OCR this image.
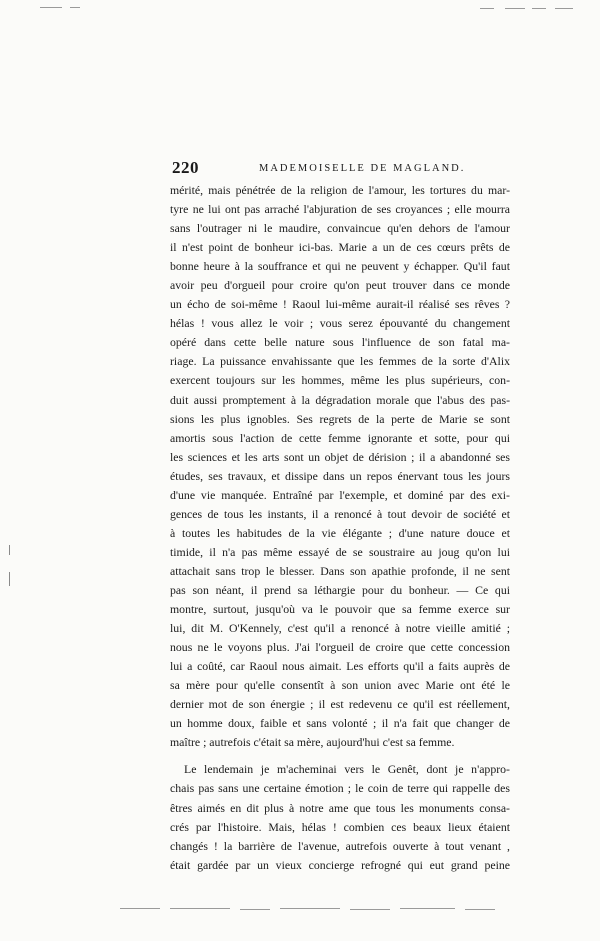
220	MADEMOISELLE DE MAGLAND.
mérité, mais pénétrée de la religion de l'amour, les tortures du mar-
tyre ne lui ont pas arraché l'abjuration de ses croyances ; elle mourra
sans l'outrager ni le maudire, convaincue qu'en dehors de l'amour
il n'est point de bonheur ici-bas. Marie a un de ces cœurs prêts de
bonne heure à la souffrance et qui ne peuvent y échapper. Qu'il faut
avoir peu d'orgueil pour croire qu'on peut trouver dans ce monde
un écho de soi-même ! Raoul lui-même aurait-il réalisé ses rêves ?
hélas ! vous allez le voir ; vous serez épouvanté du changement
opéré dans cette belle nature sous l'influence de son fatal ma-
riage. La puissance envahissante que les femmes de la sorte d'Alix
exercent toujours sur les hommes, même les plus supérieurs, con-
duit aussi promptement à la dégradation morale que l'abus des pas-
sions les plus ignobles. Ses regrets de la perte de Marie se sont
amortis sous l'action de cette femme ignorante et sotte, pour qui
les sciences et les arts sont un objet de dérision ; il a abandonné ses
études, ses travaux, et dissipe dans un repos énervant tous les jours
d'une vie manquée. Entraîné par l'exemple, et dominé par des exi-
gences de tous les instants, il a renoncé à tout devoir de société et
à toutes les habitudes de la vie élégante ; d'une nature douce et
timide, il n'a pas même essayé de se soustraire au joug qu'on lui
attachait sans trop le blesser. Dans son apathie profonde, il ne sent
pas son néant, il prend sa léthargie pour du bonheur. — Ce qui
montre, surtout, jusqu'où va le pouvoir que sa femme exerce sur
lui, dit M. O'Kennely, c'est qu'il a renoncé à notre vieille amitié ;
nous ne le voyons plus. J'ai l'orgueil de croire que cette concession
lui a coûté, car Raoul nous aimait. Les efforts qu'il a faits auprès de
sa mère pour qu'elle consentît à son union avec Marie ont été le
dernier mot de son énergie ; il est redevenu ce qu'il est réellement,
un homme doux, faible et sans volonté ; il n'a fait que changer de
maître ; autrefois c'était sa mère, aujourd'hui c'est sa femme.
Le lendemain je m'acheminai vers le Genêt, dont je n'appro-
chais pas sans une certaine émotion ; le coin de terre qui rappelle des
êtres aimés en dit plus à notre ame que tous les monuments consa-
crés par l'histoire. Mais, hélas ! combien ces beaux lieux étaient
changés ! la barrière de l'avenue, autrefois ouverte à tout venant ,
était gardée par un vieux concierge refrogné qui eut grand peine
